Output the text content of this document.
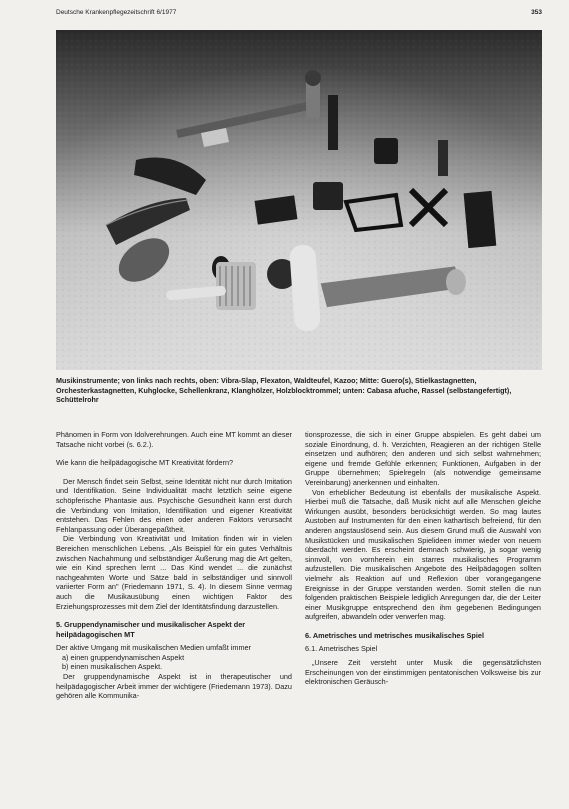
Deutsche Krankenpflegezeitschrift 6/1977	353
Musikinstrumente; von links nach rechts, oben: Vibra-Slap, Flexaton, Waldteufel, Kazoo; Mitte: Guero(s), Stielkastagnetten, Orchesterkastagnetten, Kuhglocke, Schellenkranz, Klanghölzer, Holzblocktrommel; unten: Cabasa afuche, Rassel (selbstangefertigt), Schüttelrohr

Phänomen in Form von Idolverehrungen. Auch eine MT kommt an dieser Tatsache nicht vorbei (s. 6.2.).

Wie kann die heilpädagogische MT Kreativität fördern?

Der Mensch findet sein Selbst, seine Identität nicht nur durch Imitation und Identifikation. Seine Individualität macht letztlich seine eigene schöpferische Phantasie aus. Psychische Gesundheit kann erst durch die Verbindung von Imitation, Identifikation und eigener Kreativität entstehen. Das Fehlen des einen oder anderen Faktors verursacht Fehlanpassung oder Überangepaßtheit.

Die Verbindung von Kreativität und Imitation finden wir in vielen Bereichen menschlichen Lebens. „Als Beispiel für ein gutes Verhältnis zwischen Nachahmung und selbständiger Äußerung mag die Art gelten, wie ein Kind sprechen lernt ... Das Kind wendet ... die zunächst nachgeahmten Worte und Sätze bald in selbständiger und sinnvoll variierter Form an" (Friedemann 1971, S. 4). In diesem Sinne vermag auch die Musikausübung einen wichtigen Faktor des Erziehungsprozesses mit dem Ziel der Identitätsfindung darzustellen.

5. Gruppendynamischer und musikalischer Aspekt der heilpädagogischen MT

Der aktive Umgang mit musikalischen Medien umfaßt immer

a) einen gruppendynamischen Aspekt
b) einen musikalischen Aspekt.

Der gruppendynamische Aspekt ist in therapeutischer und heilpädagogischer Arbeit immer der wichtigere (Friedemann 1973). Dazu gehören alle Kommunika-

tionsprozesse, die sich in einer Gruppe abspielen. Es geht dabei um soziale Einordnung, d. h. Verzichten, Reagieren an der richtigen Stelle einsetzen und aufhören; den anderen und sich selbst wahrnehmen; eigene und fremde Gefühle erkennen; Funktionen, Aufgaben in der Gruppe übernehmen; Spielregeln (als notwendige gemeinsame Vereinbarung) anerkennen und einhalten.

Von erheblicher Bedeutung ist ebenfalls der musikalische Aspekt. Hierbei muß die Tatsache, daß Musik nicht auf alle Menschen gleiche Wirkungen ausübt, besonders berücksichtigt werden. So mag lautes Austoben auf Instrumenten für den einen kathartisch befreiend, für den anderen angstauslösend sein. Aus diesem Grund muß die Auswahl von Musikstücken und musikalischen Spielideen immer wieder von neuem überdacht werden. Es erscheint demnach schwierig, ja sogar wenig sinnvoll, von vornherein ein starres musikalisches Programm aufzustellen. Die musikalischen Angebote des Heilpädagogen sollten vielmehr als Reaktion auf und Reflexion über vorangegangene Ereignisse in der Gruppe verstanden werden. Somit stellen die nun folgenden praktischen Beispiele lediglich Anregungen dar, die der Leiter einer Musikgruppe entsprechend den ihm gegebenen Bedingungen aufgreifen, abwandeln oder verwerfen mag.

6. Ametrisches und metrisches musikalisches Spiel
6.1. Ametrisches Spiel

„Unsere Zeit versteht unter Musik die gegensätzlichsten Erscheinungen von der einstimmigen pentatonischen Volksweise bis zur elektronischen Geräusch-
